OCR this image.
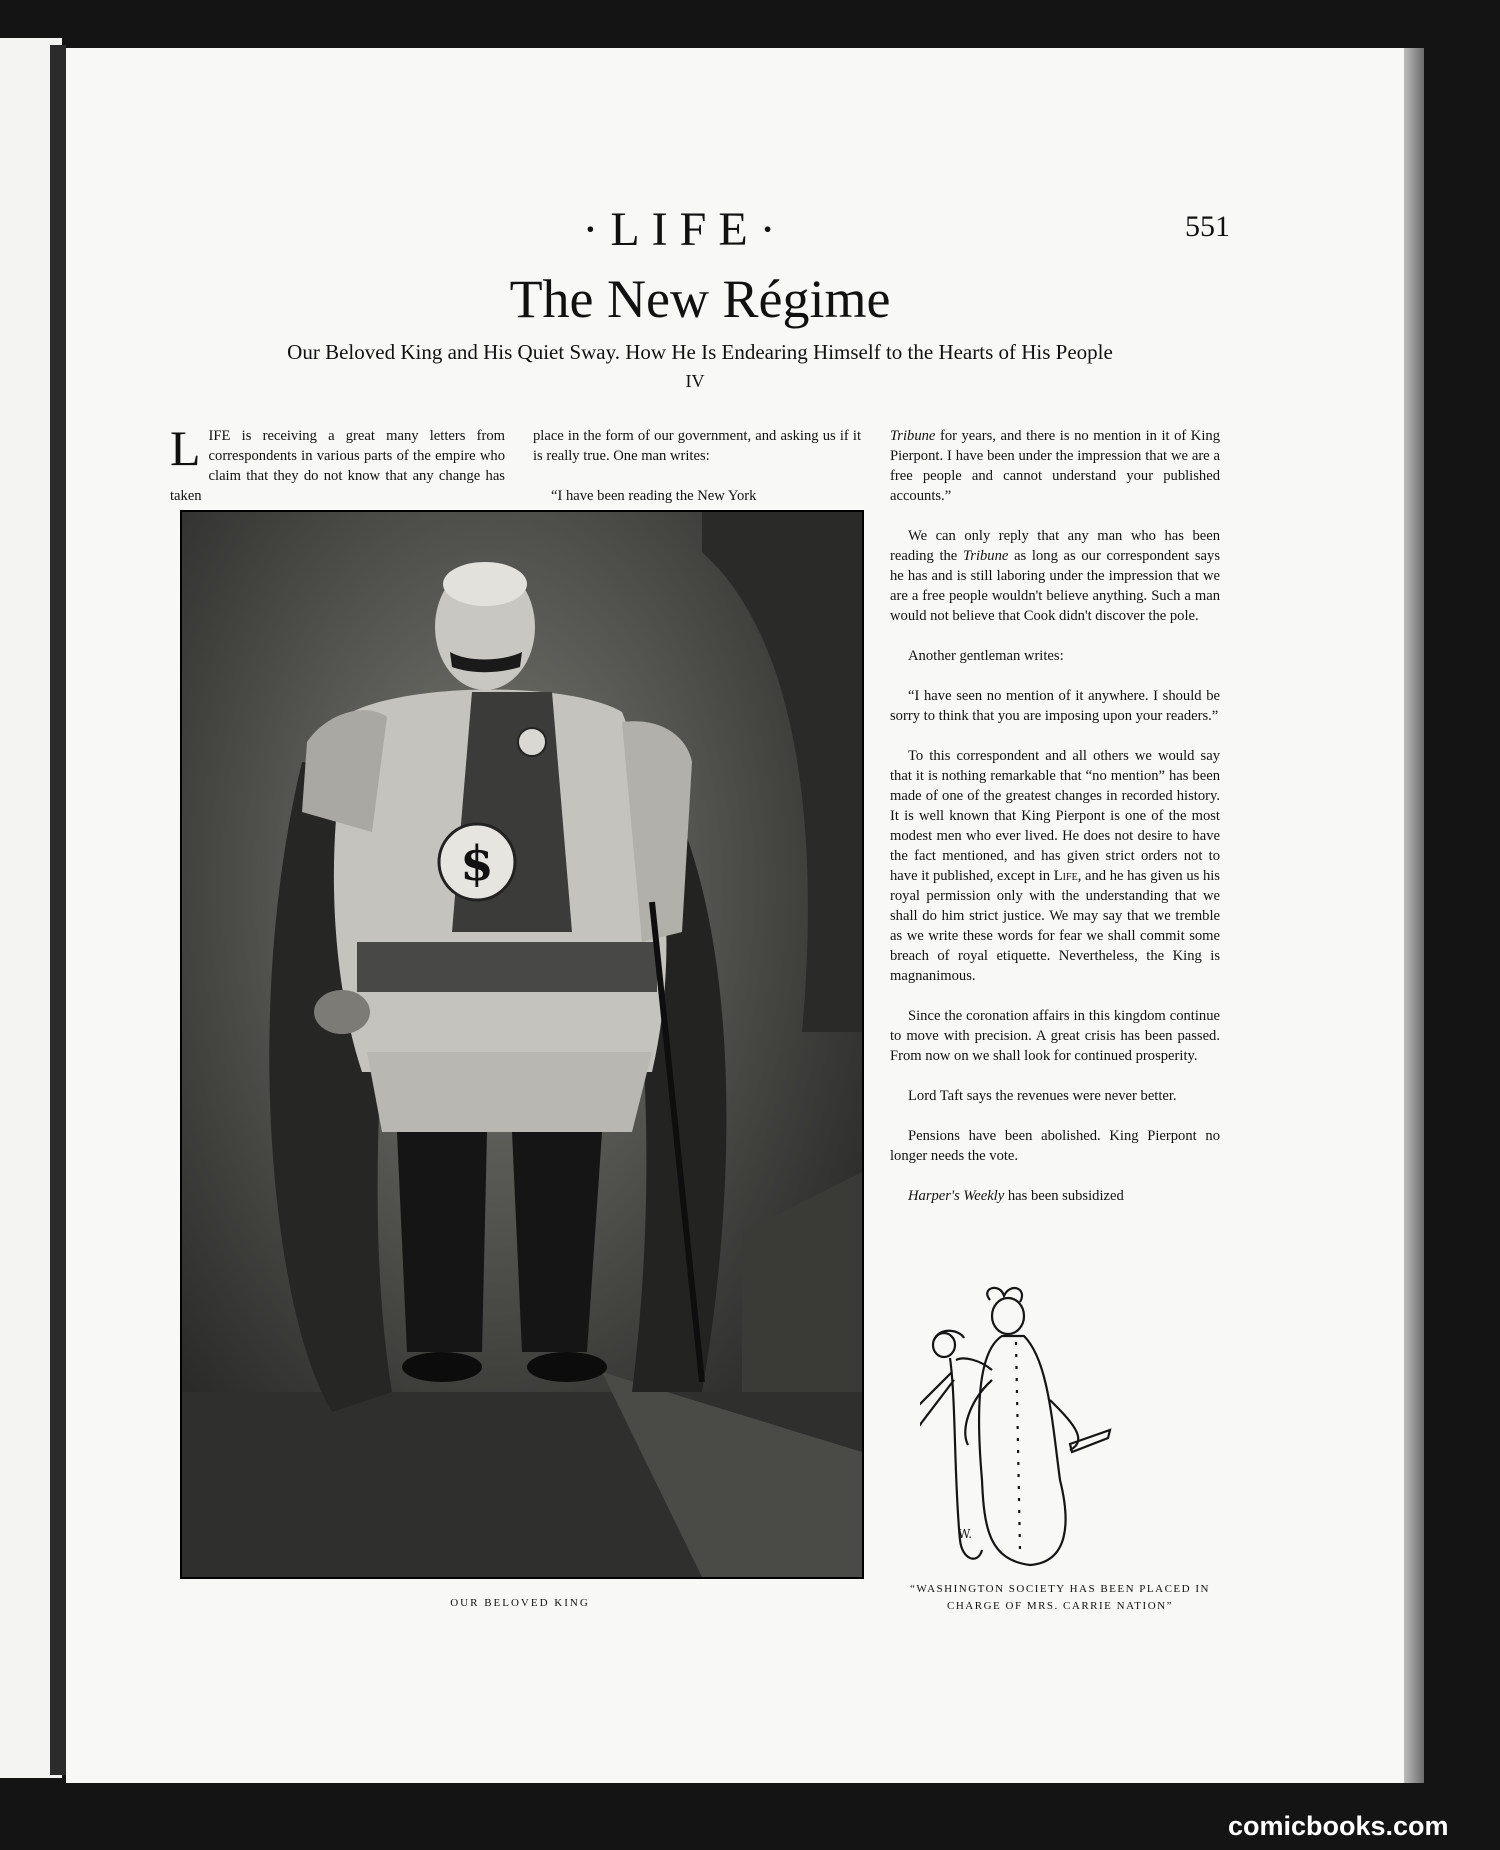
·LIFE·	551
The New Régime
Our Beloved King and His Quiet Sway. How He Is Endearing Himself to the Hearts of His People
IV

LIFE is receiving a great many letters from correspondents in various parts of the empire who claim that they do not know that any change has taken

place in the form of our government, and asking us if it is really true. One man writes:

“I have been reading the New York

Tribune for years, and there is no mention in it of King Pierpont. I have been under the impression that we are a free people and cannot understand your published accounts.”

We can only reply that any man who has been reading the Tribune as long as our correspondent says he has and is still laboring under the impression that we are a free people wouldn't believe anything. Such a man would not believe that Cook didn't discover the pole.

Another gentleman writes:

“I have seen no mention of it anywhere. I should be sorry to think that you are imposing upon your readers.”

To this correspondent and all others we would say that it is nothing remarkable that “no mention” has been made of one of the greatest changes in recorded history. It is well known that King Pierpont is one of the most modest men who ever lived. He does not desire to have the fact mentioned, and has given strict orders not to have it published, except in Life, and he has given us his royal permission only with the understanding that we shall do him strict justice. We may say that we tremble as we write these words for fear we shall commit some breach of royal etiquette. Nevertheless, the King is magnanimous.

Since the coronation affairs in this kingdom continue to move with precision. A great crisis has been passed. From now on we shall look for continued prosperity.

Lord Taft says the revenues were never better.

Pensions have been abolished. King Pierpont no longer needs the vote.

Harper's Weekly has been subsidized

$
OUR BELOVED KING
W.
“WASHINGTON SOCIETY HAS BEEN PLACED IN
CHARGE OF MRS. CARRIE NATION”
comicbooks.com
